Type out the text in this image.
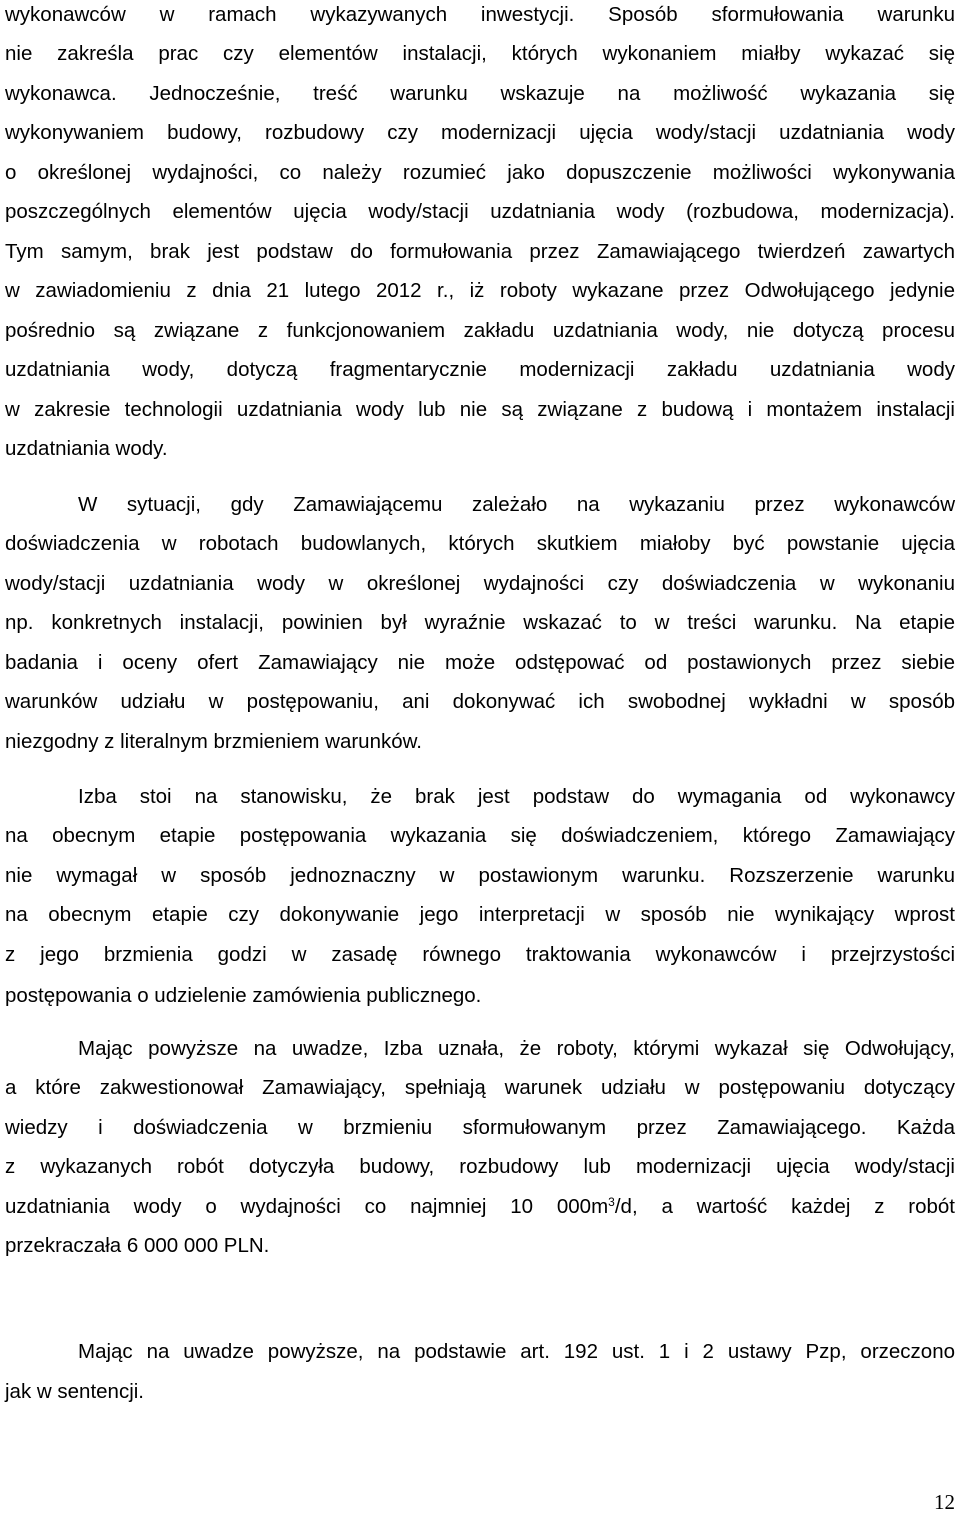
wykonawców w ramach wykazywanych inwestycji. Sposób sformułowania warunku
nie zakreśla prac czy elementów instalacji, których wykonaniem miałby wykazać się
wykonawca. Jednocześnie, treść warunku wskazuje na możliwość wykazania się
wykonywaniem budowy, rozbudowy czy modernizacji ujęcia wody/stacji uzdatniania wody
o określonej wydajności, co należy rozumieć jako dopuszczenie możliwości wykonywania
poszczególnych elementów ujęcia wody/stacji uzdatniania wody (rozbudowa, modernizacja).
Tym samym, brak jest podstaw do formułowania przez Zamawiającego twierdzeń zawartych
w zawiadomieniu z dnia 21 lutego 2012 r., iż roboty wykazane przez Odwołującego jedynie
pośrednio są związane z funkcjonowaniem zakładu uzdatniania wody, nie dotyczą procesu
uzdatniania wody, dotyczą fragmentarycznie modernizacji zakładu uzdatniania wody
w zakresie technologii uzdatniania wody lub nie są związane z budową i montażem instalacji
uzdatniania wody.
W sytuacji, gdy Zamawiającemu zależało na wykazaniu przez wykonawców
doświadczenia w robotach budowlanych, których skutkiem miałoby być powstanie ujęcia
wody/stacji uzdatniania wody w określonej wydajności czy doświadczenia w wykonaniu
np. konkretnych instalacji, powinien był wyraźnie wskazać to w treści warunku. Na etapie
badania i oceny ofert Zamawiający nie może odstępować od postawionych przez siebie
warunków udziału w postępowaniu, ani dokonywać ich swobodnej wykładni w sposób
niezgodny z literalnym brzmieniem warunków.
Izba stoi na stanowisku, że brak jest podstaw do wymagania od wykonawcy
na obecnym etapie postępowania wykazania się doświadczeniem, którego Zamawiający
nie wymagał w sposób jednoznaczny w postawionym warunku. Rozszerzenie warunku
na obecnym etapie czy dokonywanie jego interpretacji w sposób nie wynikający wprost
z jego brzmienia godzi w zasadę równego traktowania wykonawców i przejrzystości
postępowania o udzielenie zamówienia publicznego.
Mając powyższe na uwadze, Izba uznała, że roboty, którymi wykazał się Odwołujący,
a które zakwestionował Zamawiający, spełniają warunek udziału w postępowaniu dotyczący
wiedzy i doświadczenia w brzmieniu sformułowanym przez Zamawiającego. Każda
z wykazanych robót dotyczyła budowy, rozbudowy lub modernizacji ujęcia wody/stacji
uzdatniania wody o wydajności co najmniej 10 $000m^3/d$, a wartość każdej z robót
przekraczała 6 000 000 PLN.
Mając na uwadze powyższe, na podstawie art. 192 ust. 1 i 2 ustawy Pzp, orzeczono
jak w sentencji.
12
